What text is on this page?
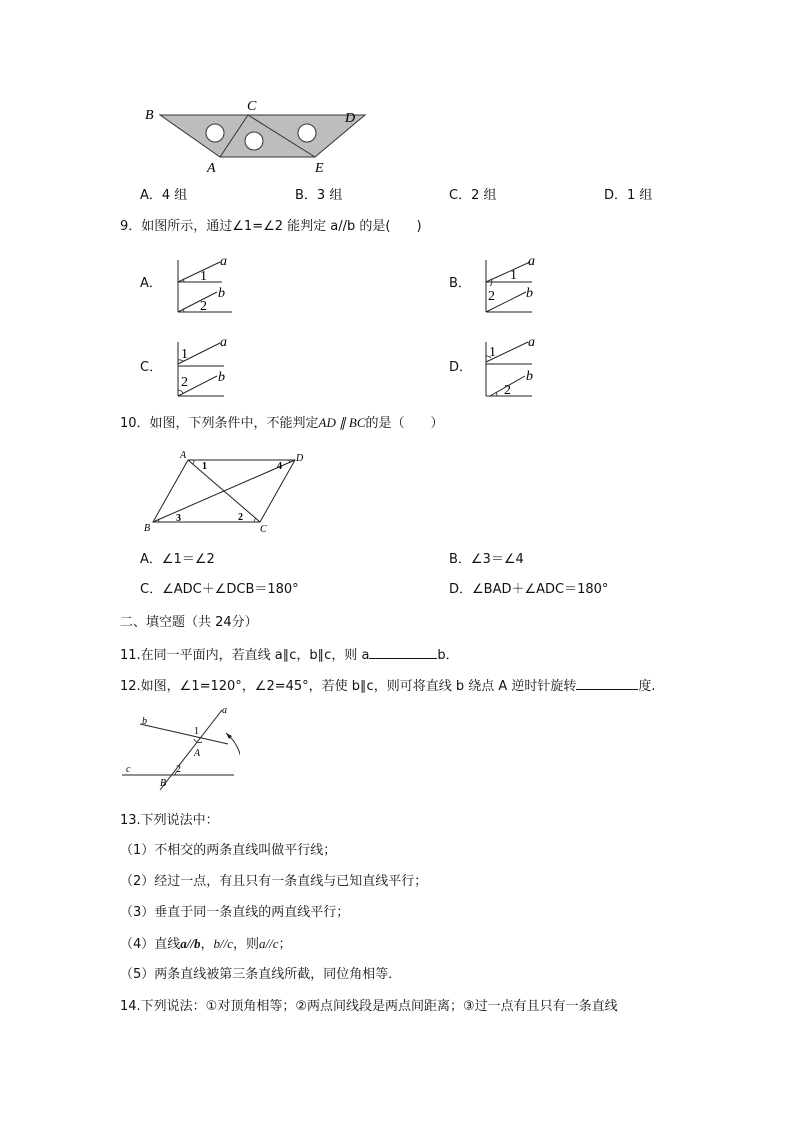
B
C
D
A	E
A．4 组	B．3 组	C．2 组	D．1 组
9．如图所示，通过∠1=∠2 能判定 a//b 的是(　　)
A．
a
b
1
2
B．
a
b
1
2
C．
a
b
1
2
D．
a
b
1
2
10．如图，下列条件中，不能判定AD ∥ BC的是（　　）
A	D
B	C
1	4
3	2
A．∠1＝∠2	B．∠3＝∠4
C．∠ADC＋∠DCB＝180°	D．∠BAD＋∠ADC＝180°
二、填空题（共 24分）
11.在同一平面内，若直线 a∥c，b∥c，则 a	b．
12.如图，∠1=120°，∠2=45°，若使 b∥c，则可将直线 b 绕点 A 逆时针旋转	度.
a
b
c
A
B
1
2
13.下列说法中：
（1）不相交的两条直线叫做平行线；
（2）经过一点，有且只有一条直线与已知直线平行；
（3）垂直于同一条直线的两直线平行；
（4）直线a//b，b//c，则a//c；
（5）两条直线被第三条直线所截，同位角相等．
14.下列说法：①对顶角相等；②两点间线段是两点间距离；③过一点有且只有一条直线
